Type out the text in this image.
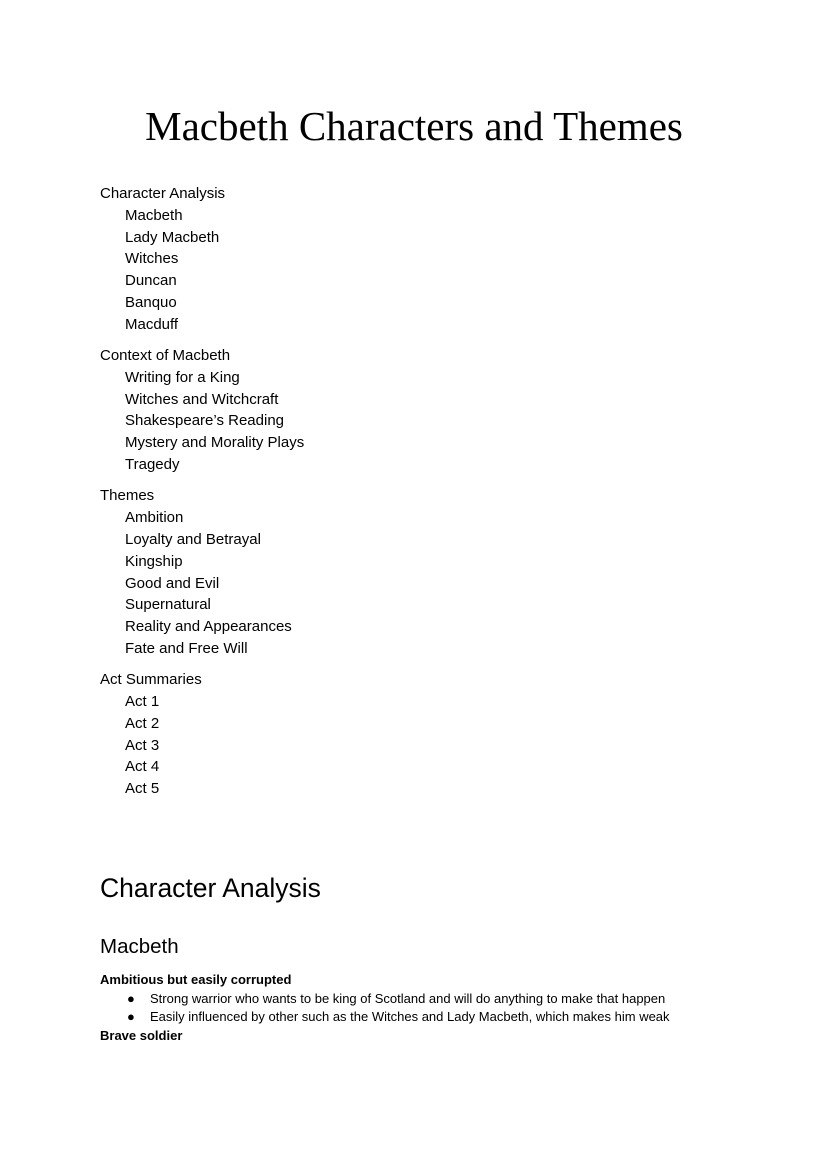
Macbeth Characters and Themes
Character Analysis
Macbeth
Lady Macbeth
Witches
Duncan
Banquo
Macduff
Context of Macbeth
Writing for a King
Witches and Witchcraft
Shakespeare’s Reading
Mystery and Morality Plays
Tragedy
Themes
Ambition
Loyalty and Betrayal
Kingship
Good and Evil
Supernatural
Reality and Appearances
Fate and Free Will
Act Summaries
Act 1
Act 2
Act 3
Act 4
Act 5
Character Analysis
Macbeth
Ambitious but easily corrupted
● Strong warrior who wants to be king of Scotland and will do anything to make that happen
● Easily influenced by other such as the Witches and Lady Macbeth, which makes him weak
Brave soldier
